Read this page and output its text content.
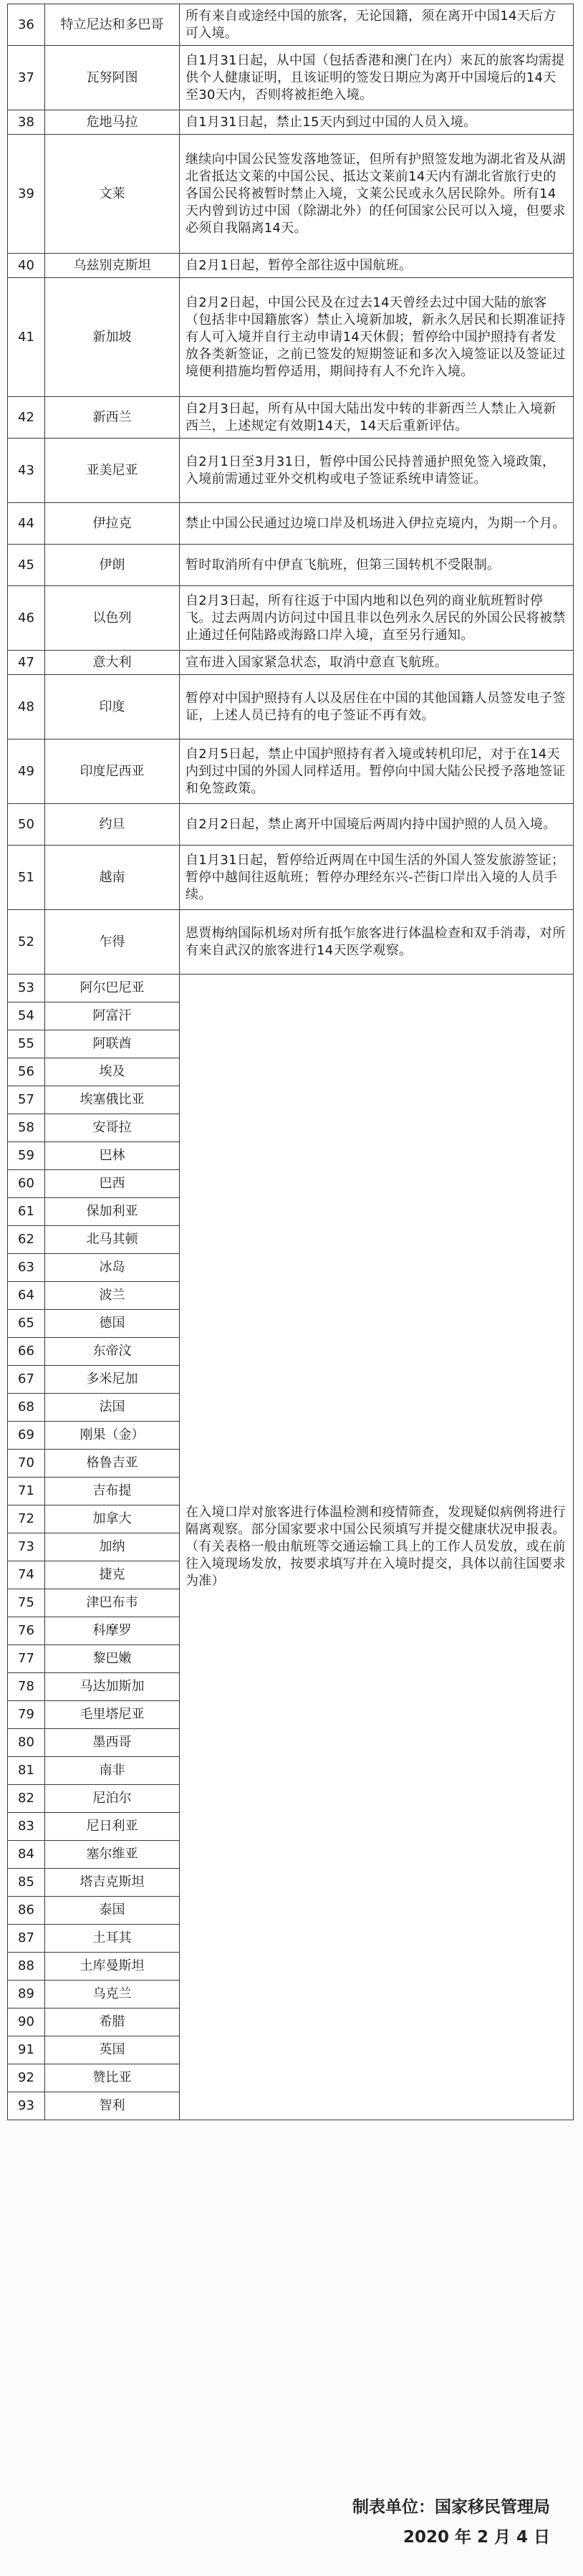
36	特立尼达和多巴哥	所有来自或途经中国的旅客，无论国籍，须在离开中国14天后方可入境。
37	瓦努阿图	自1月31日起，从中国（包括香港和澳门在内）来瓦的旅客均需提供个人健康证明，且该证明的签发日期应为离开中国境后的14天至30天内，否则将被拒绝入境。
38	危地马拉	自1月31日起，禁止15天内到过中国的人员入境。
39	文莱	继续向中国公民签发落地签证，但所有护照签发地为湖北省及从湖北省抵达文莱的中国公民、抵达文莱前14天内有湖北省旅行史的各国公民将被暂时禁止入境，文莱公民或永久居民除外。所有14天内曾到访过中国（除湖北外）的任何国家公民可以入境，但要求必须自我隔离14天。
40	乌兹别克斯坦	自2月1日起，暂停全部往返中国航班。
41	新加坡	自2月2日起，中国公民及在过去14天曾经去过中国大陆的旅客（包括非中国籍旅客）禁止入境新加坡，新永久居民和长期准证持有人可入境并自行主动申请14天休假；暂停给中国护照持有者发放各类新签证，之前已签发的短期签证和多次入境签证以及签证过境便利措施均暂停适用，期间持有人不允许入境。
42	新西兰	自2月3日起，所有从中国大陆出发中转的非新西兰人禁止入境新西兰，上述规定有效期14天，14天后重新评估。
43	亚美尼亚	自2月1日至3月31日，暂停中国公民持普通护照免签入境政策，入境前需通过亚外交机构或电子签证系统申请签证。
44	伊拉克	禁止中国公民通过边境口岸及机场进入伊拉克境内，为期一个月。
45	伊朗	暂时取消所有中伊直飞航班，但第三国转机不受限制。
46	以色列	自2月3日起，所有往返于中国内地和以色列的商业航班暂时停飞。过去两周内访问过中国且非以色列永久居民的外国公民将被禁止通过任何陆路或海路口岸入境，直至另行通知。
47	意大利	宣布进入国家紧急状态，取消中意直飞航班。
48	印度	暂停对中国护照持有人以及居住在中国的其他国籍人员签发电子签证，上述人员已持有的电子签证不再有效。
49	印度尼西亚	自2月5日起，禁止中国护照持有者入境或转机印尼，对于在14天内到过中国的外国人同样适用。暂停向中国大陆公民授予落地签证和免签政策。
50	约旦	自2月2日起，禁止离开中国境后两周内持中国护照的人员入境。
51	越南	自1月31日起，暂停给近两周在中国生活的外国人签发旅游签证；暂停中越间往返航班；暂停办理经东兴-芒街口岸出入境的人员手续。
52	乍得	恩贾梅纳国际机场对所有抵乍旅客进行体温检查和双手消毒，对所有来自武汉的旅客进行14天医学观察。
53	阿尔巴尼亚	在入境口岸对旅客进行体温检测和疫情筛查，发现疑似病例将进行隔离观察。部分国家要求中国公民须填写并提交健康状况申报表。（有关表格一般由航班等交通运输工具上的工作人员发放，或在前往入境现场发放，按要求填写并在入境时提交，具体以前往国要求为准）
54	阿富汗	
55	阿联酋	
56	埃及	
57	埃塞俄比亚	
58	安哥拉	
59	巴林	
60	巴西	
61	保加利亚	
62	北马其顿	
63	冰岛	
64	波兰	
65	德国	
66	东帝汶	
67	多米尼加	
68	法国	
69	刚果（金）	
70	格鲁吉亚	
71	吉布提	
72	加拿大	
73	加纳	
74	捷克	
75	津巴布韦	
76	科摩罗	
77	黎巴嫩	
78	马达加斯加	
79	毛里塔尼亚	
80	墨西哥	
81	南非	
82	尼泊尔	
83	尼日利亚	
84	塞尔维亚	
85	塔吉克斯坦	
86	泰国	
87	土耳其	
88	土库曼斯坦	
89	乌克兰	
90	希腊	
91	英国	
92	赞比亚	
93	智利	
制表单位：国家移民管理局
2020 年 2 月 4 日
